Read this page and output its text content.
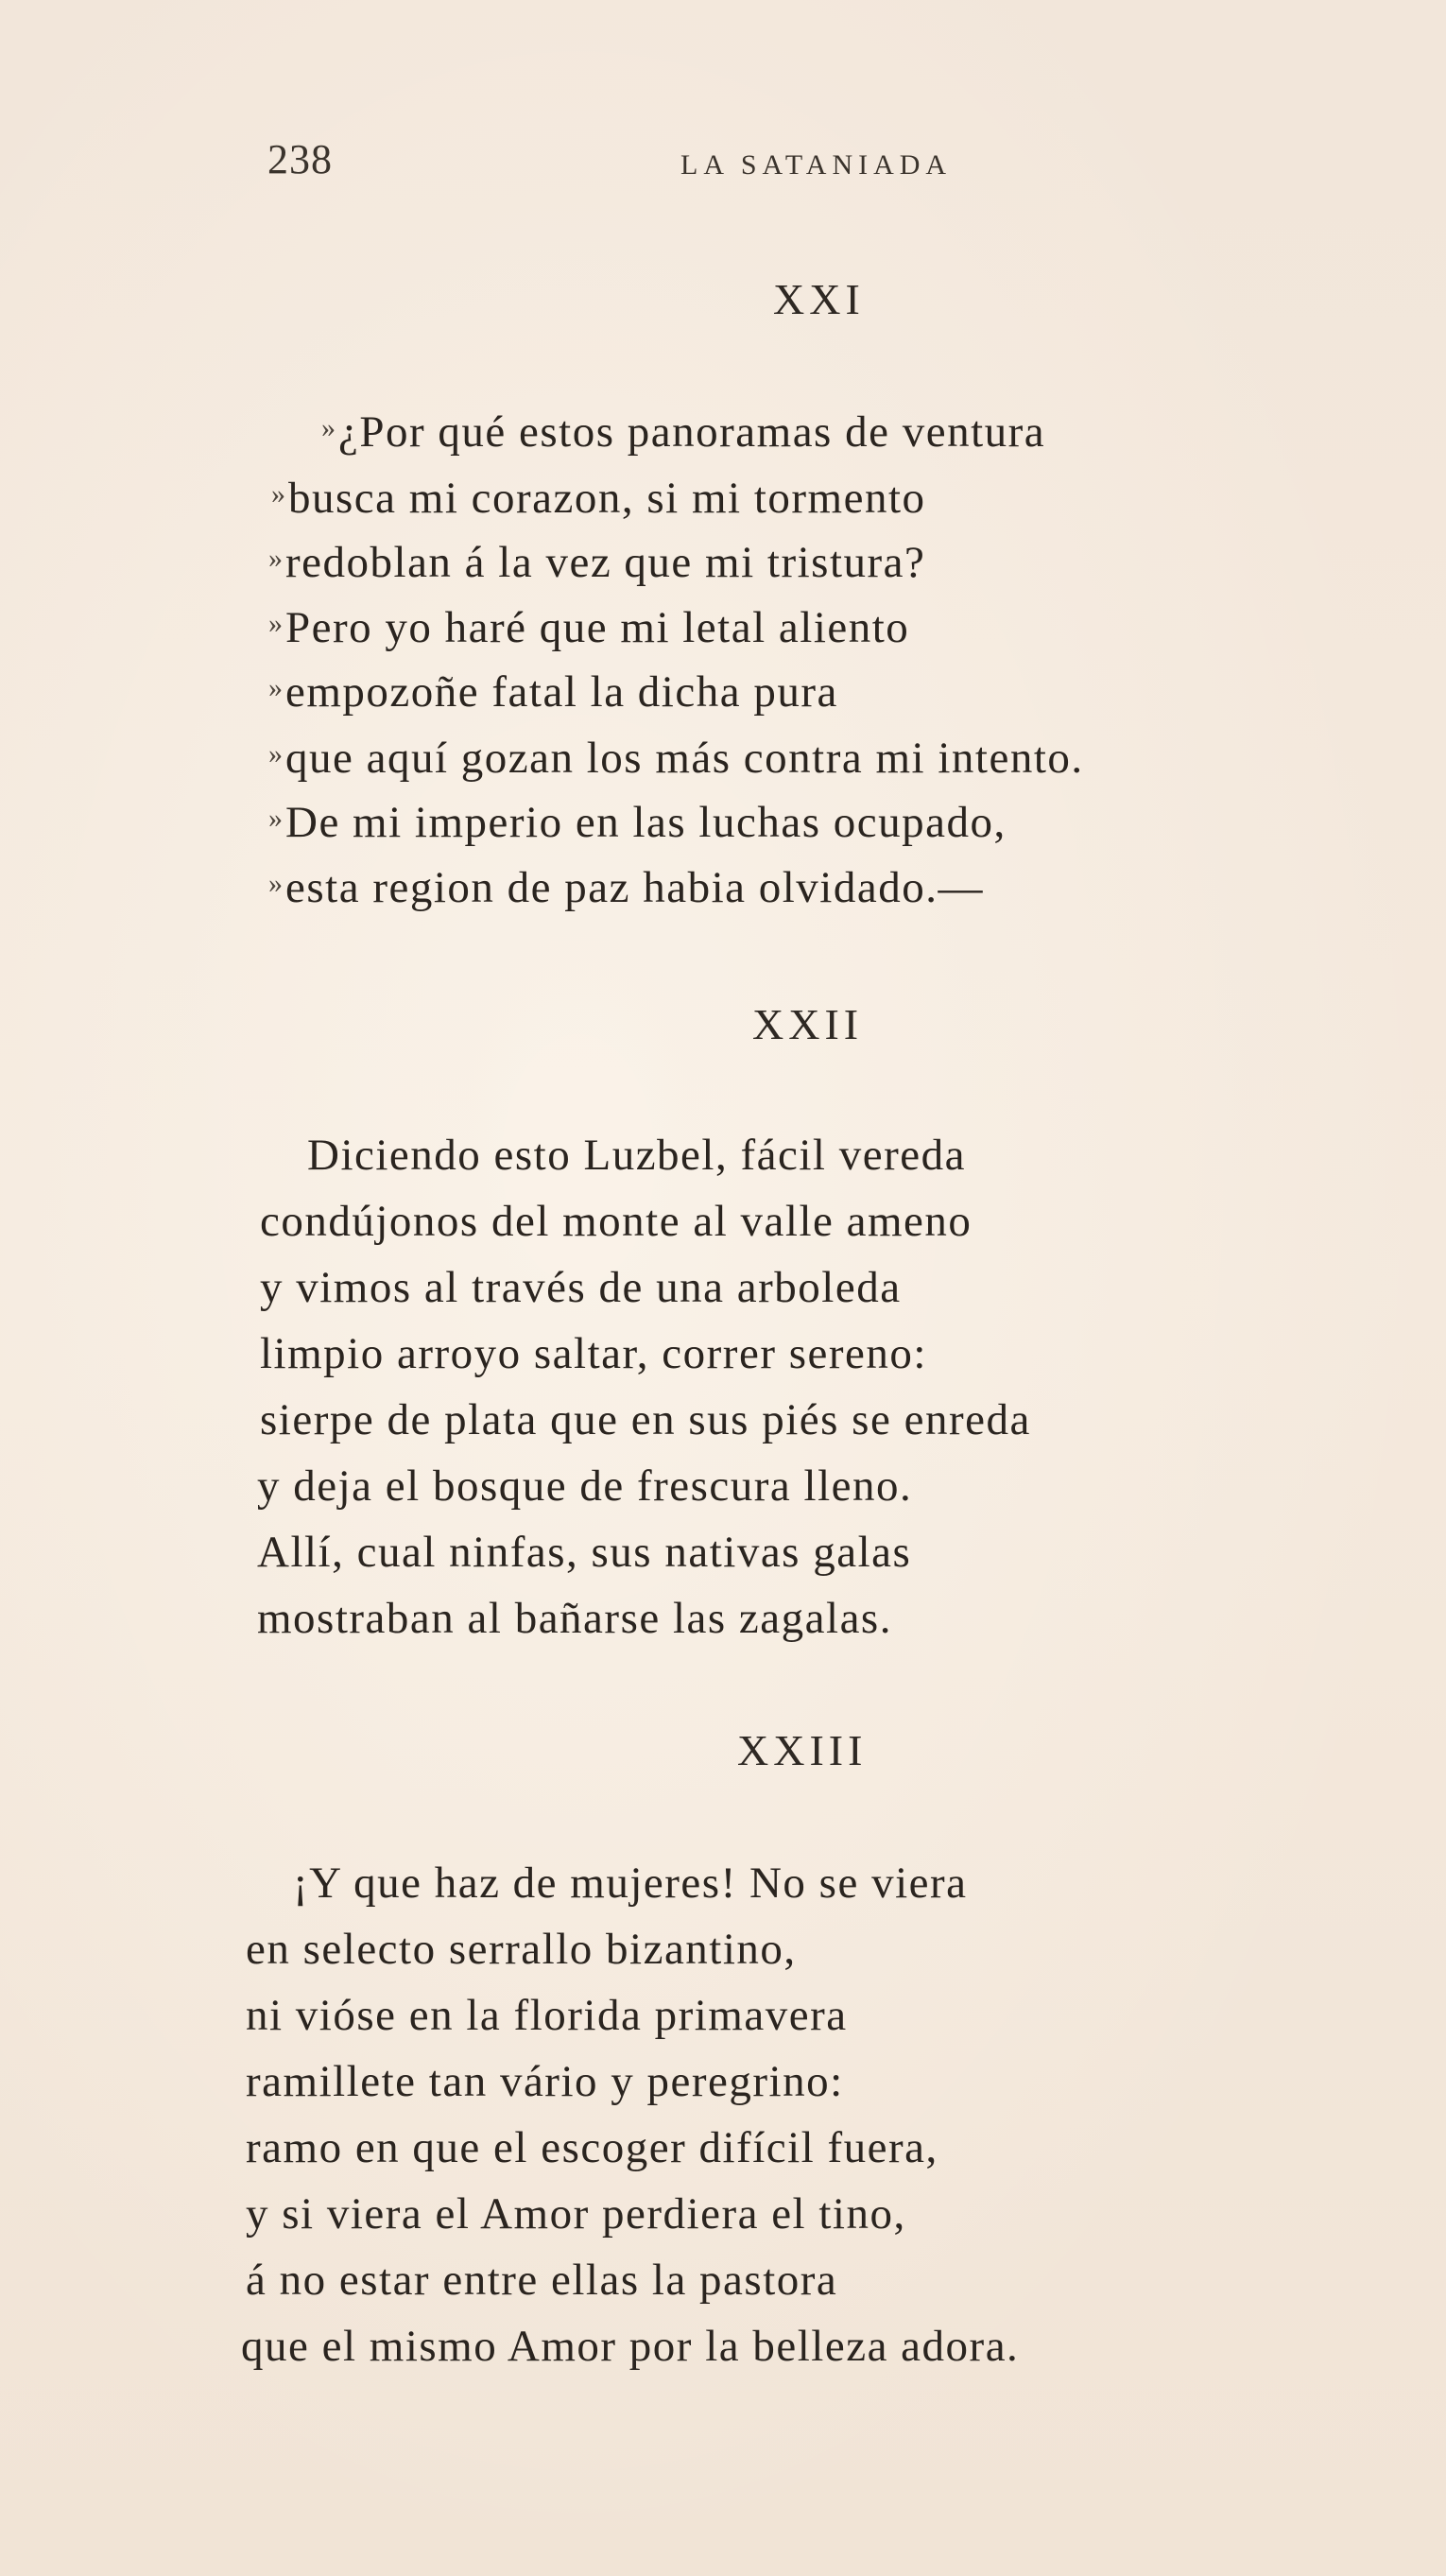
238	LA SATANIADA
XXI
»¿Por qué estos panoramas de ventura
»busca mi corazon, si mi tormento
»redoblan á la vez que mi tristura?
»Pero yo haré que mi letal aliento
»empozoñe fatal la dicha pura
»que aquí gozan los más contra mi intento.
»De mi imperio en las luchas ocupado,
»esta region de paz habia olvidado.—
XXII
Diciendo esto Luzbel, fácil vereda
condújonos del monte al valle ameno
y vimos al través de una arboleda
limpio arroyo saltar, correr sereno:
sierpe de plata que en sus piés se enreda
y deja el bosque de frescura lleno.
Allí, cual ninfas, sus nativas galas
mostraban al bañarse las zagalas.
XXIII
¡Y que haz de mujeres! No se viera
en selecto serrallo bizantino,
ni vióse en la florida primavera
ramillete tan vário y peregrino:
ramo en que el escoger difícil fuera,
y si viera el Amor perdiera el tino,
á no estar entre ellas la pastora
que el mismo Amor por la belleza adora.
